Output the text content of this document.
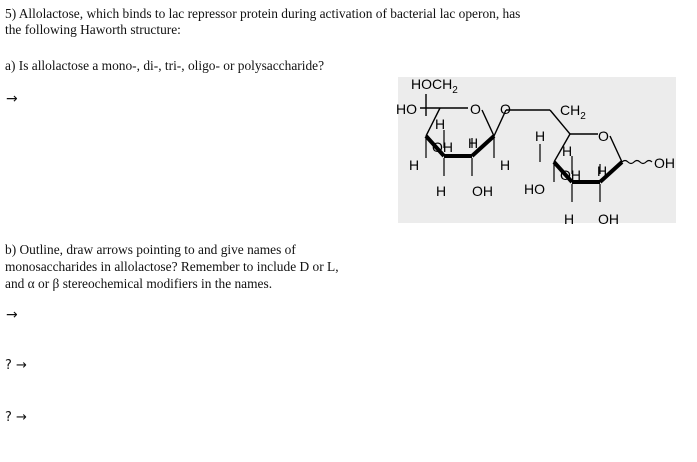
5) Allolactose, which binds to lac repressor protein during activation of bacterial lac operon, has
the following Haworth structure:
a) Is allolactose a mono-, di-, tri-, oligo- or polysaccharide?
→
b) Outline, draw arrows pointing to and give names of
monosaccharides in allolactose? Remember to include D or L,
and α or β stereochemical modifiers in the names.
→
? →
? →
$HOCH_2$
HO	O O	$CH_2$
H
OH H
H	H
H OH
H	O
H
OH H	OH
HO
H OH
